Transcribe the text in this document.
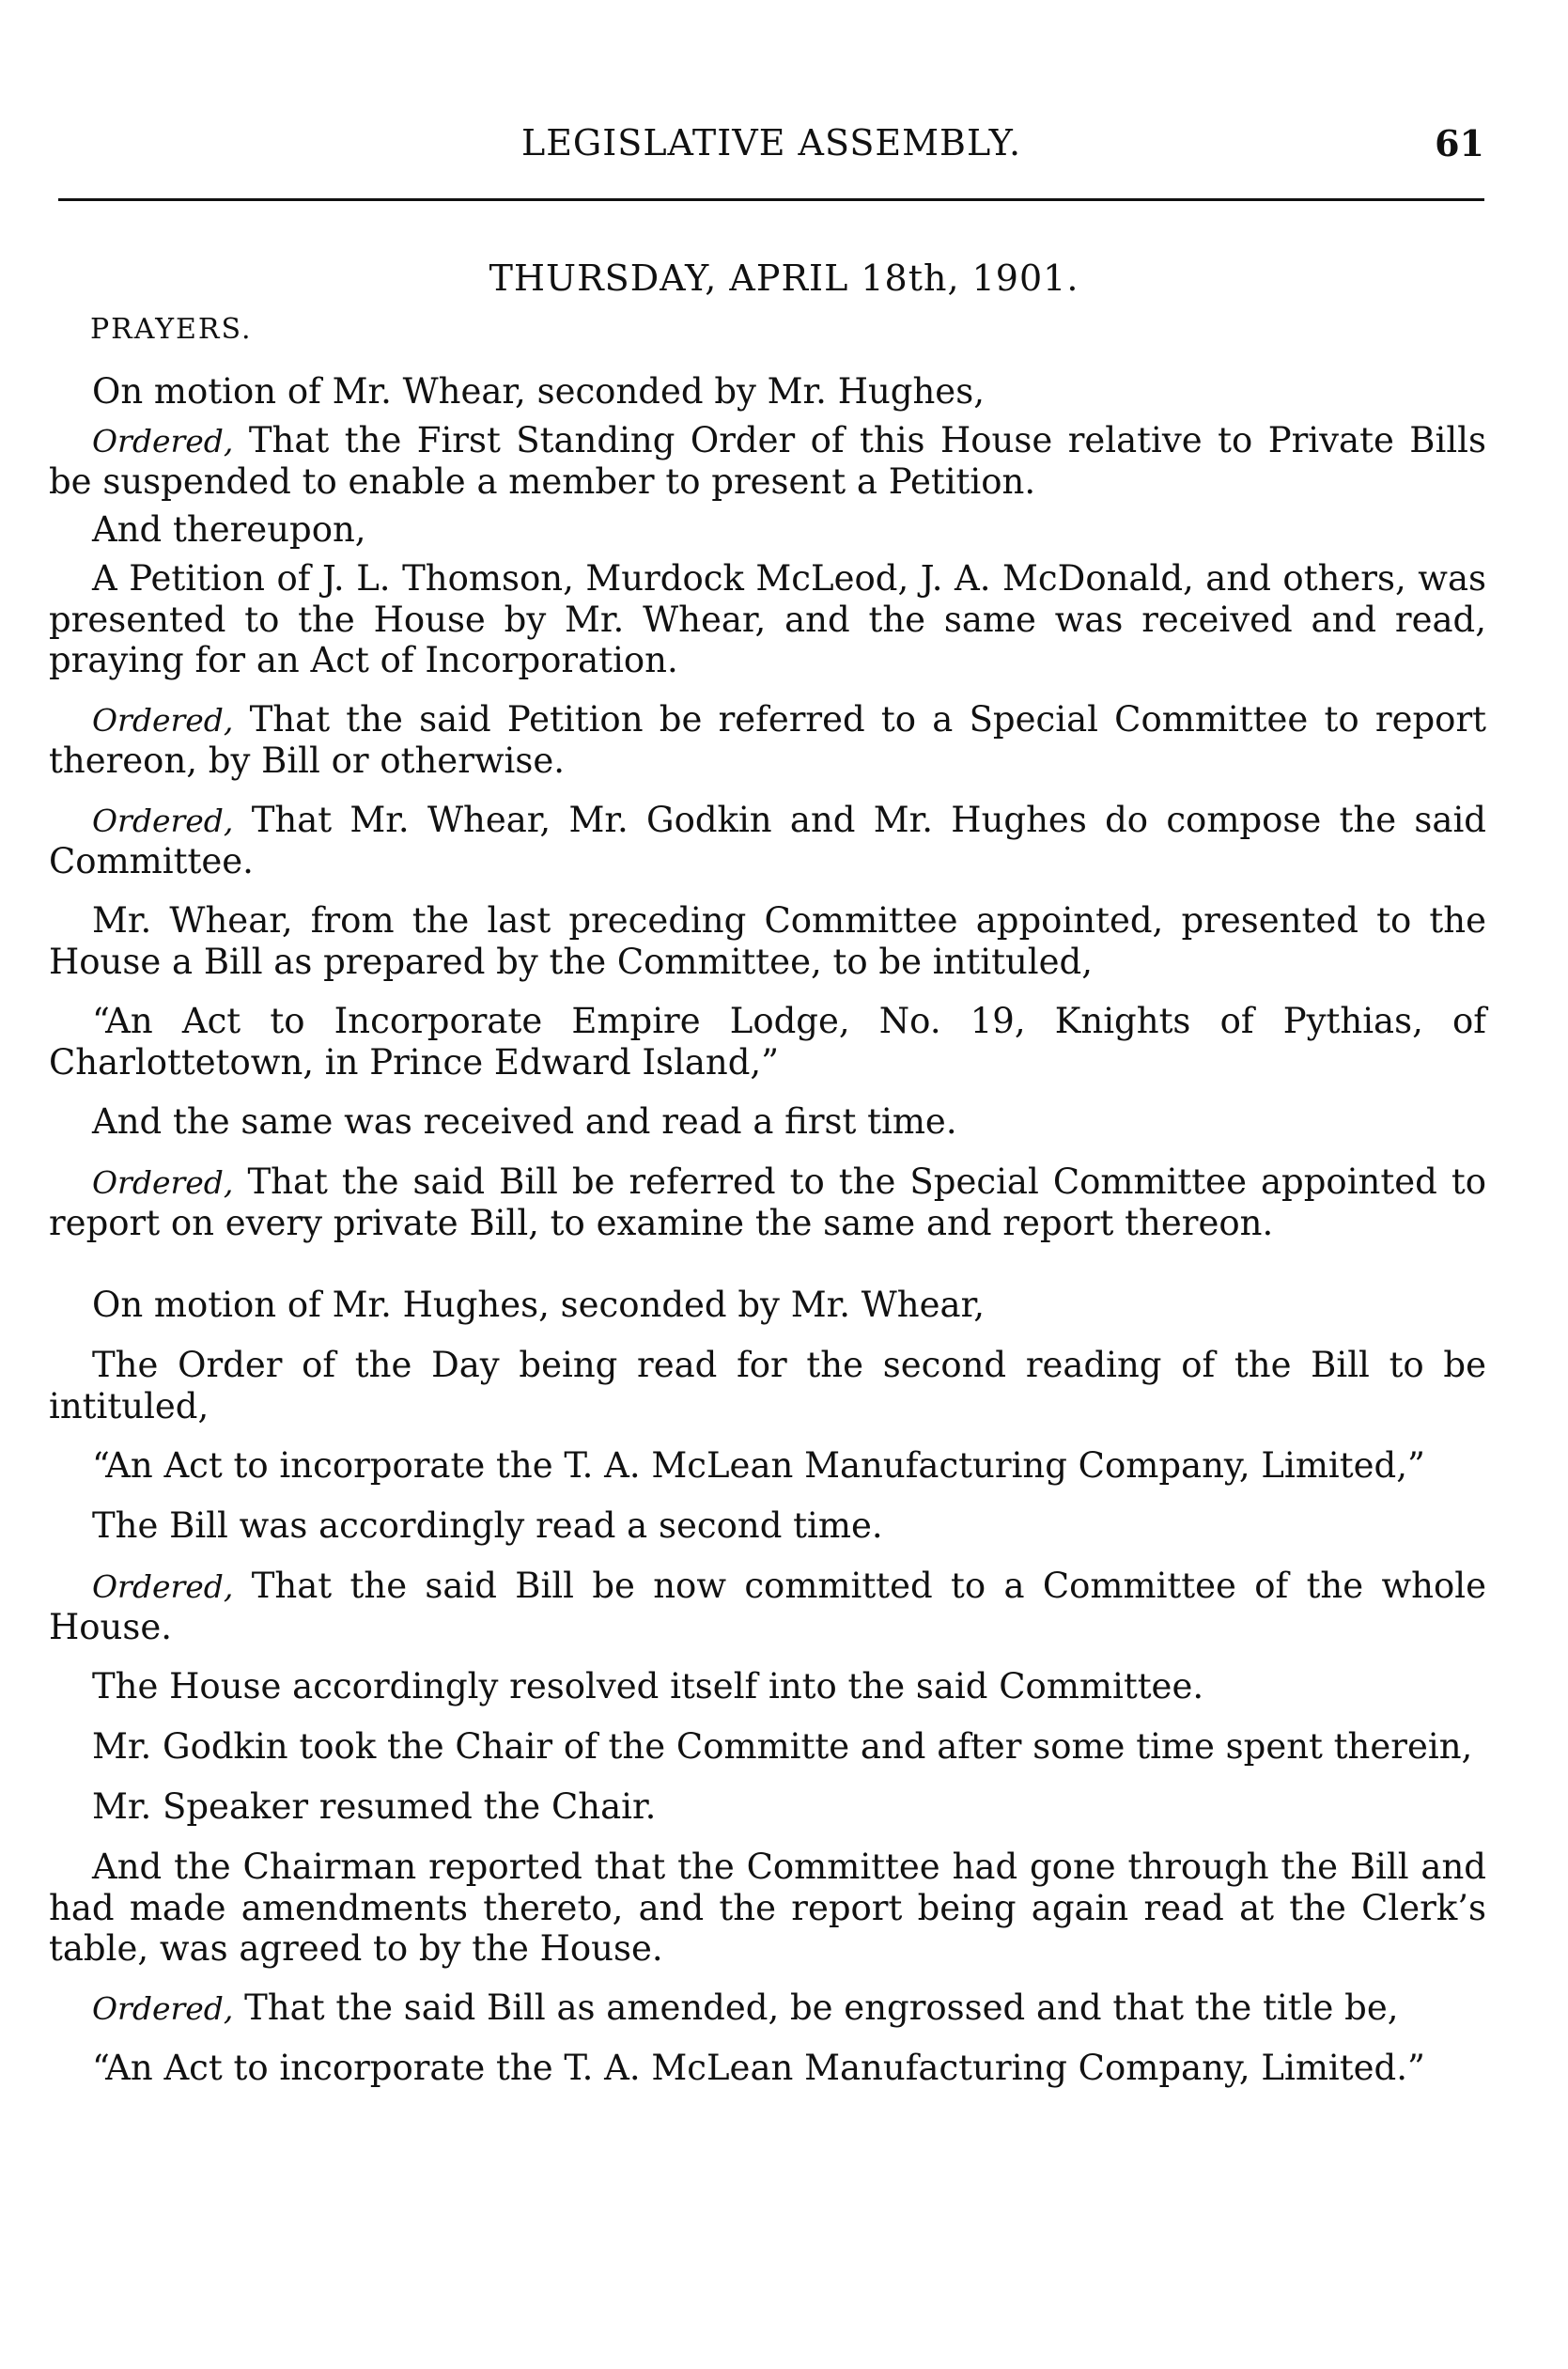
LEGISLATIVE ASSEMBLY.	61
THURSDAY, APRIL 18th, 1901.
PRAYERS.

On motion of Mr. Whear, seconded by Mr. Hughes,

Ordered, That the First Standing Order of this House relative to Private Bills be suspended to enable a member to present a Petition.

And thereupon,

A Petition of J. L. Thomson, Murdock McLeod, J. A. McDonald, and others, was presented to the House by Mr. Whear, and the same was received and read, praying for an Act of Incorporation.

Ordered, That the said Petition be referred to a Special Committee to report thereon, by Bill or otherwise.

Ordered, That Mr. Whear, Mr. Godkin and Mr. Hughes do compose the said Committee.

Mr. Whear, from the last preceding Committee appointed, presented to the House a Bill as prepared by the Committee, to be intituled,

“An Act to Incorporate Empire Lodge, No. 19, Knights of Pythias, of Charlottetown, in Prince Edward Island,”

And the same was received and read a first time.

Ordered, That the said Bill be referred to the Special Committee appointed to report on every private Bill, to examine the same and report thereon.

On motion of Mr. Hughes, seconded by Mr. Whear,

The Order of the Day being read for the second reading of the Bill to be intituled,

“An Act to incorporate the T. A. McLean Manufacturing Company, Limited,”

The Bill was accordingly read a second time.

Ordered, That the said Bill be now committed to a Committee of the whole House.

The House accordingly resolved itself into the said Committee.

Mr. Godkin took the Chair of the Committe and after some time spent therein,

Mr. Speaker resumed the Chair.

And the Chairman reported that the Committee had gone through the Bill and had made amendments thereto, and the report being again read at the Clerk’s table, was agreed to by the House.

Ordered, That the said Bill as amended, be engrossed and that the title be,

“An Act to incorporate the T. A. McLean Manufacturing Company, Limited.”
